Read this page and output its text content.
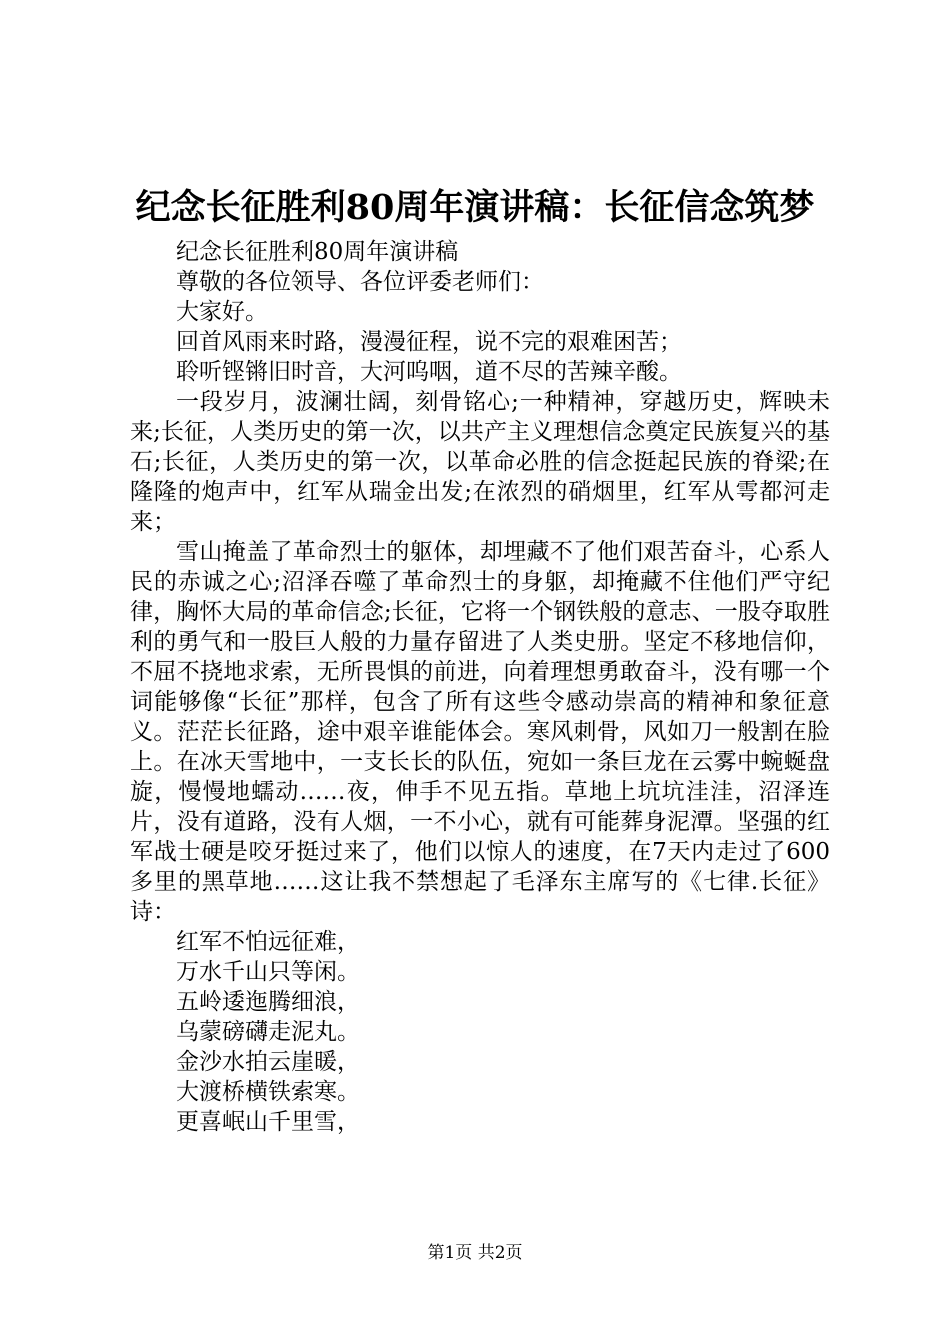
纪念长征胜利80周年演讲稿：长征信念筑梦

纪念长征胜利80周年演讲稿

尊敬的各位领导、各位评委老师们：

大家好。

回首风雨来时路，漫漫征程，说不完的艰难困苦；

聆听铿锵旧时音，大河呜咽，道不尽的苦辣辛酸。

一段岁月，波澜壮阔，刻骨铭心;一种精神，穿越历史，辉映未来;长征，人类历史的第一次，以共产主义理想信念奠定民族复兴的基石;长征，人类历史的第一次，以革命必胜的信念挺起民族的脊梁;在隆隆的炮声中，红军从瑞金出发;在浓烈的硝烟里，红军从雩都河走来；

雪山掩盖了革命烈士的躯体，却埋藏不了他们艰苦奋斗，心系人民的赤诚之心;沼泽吞噬了革命烈士的身躯，却掩藏不住他们严守纪律，胸怀大局的革命信念;长征，它将一个钢铁般的意志、一股夺取胜利的勇气和一股巨人般的力量存留进了人类史册。坚定不移地信仰，不屈不挠地求索，无所畏惧的前进，向着理想勇敢奋斗，没有哪一个词能够像“长征”那样，包含了所有这些令感动崇高的精神和象征意义。茫茫长征路，途中艰辛谁能体会。寒风刺骨，风如刀一般割在脸上。在冰天雪地中，一支长长的队伍，宛如一条巨龙在云雾中蜿蜒盘旋，慢慢地蠕动……夜，伸手不见五指。草地上坑坑洼洼，沼泽连片，没有道路，没有人烟，一不小心，就有可能葬身泥潭。坚强的红军战士硬是咬牙挺过来了，他们以惊人的速度，在7天内走过了600多里的黑草地……这让我不禁想起了毛泽东主席写的《七律.长征》诗：

红军不怕远征难，

万水千山只等闲。

五岭逶迤腾细浪，

乌蒙磅礴走泥丸。

金沙水拍云崖暖，

大渡桥横铁索寒。

更喜岷山千里雪，

第1页 共2页
